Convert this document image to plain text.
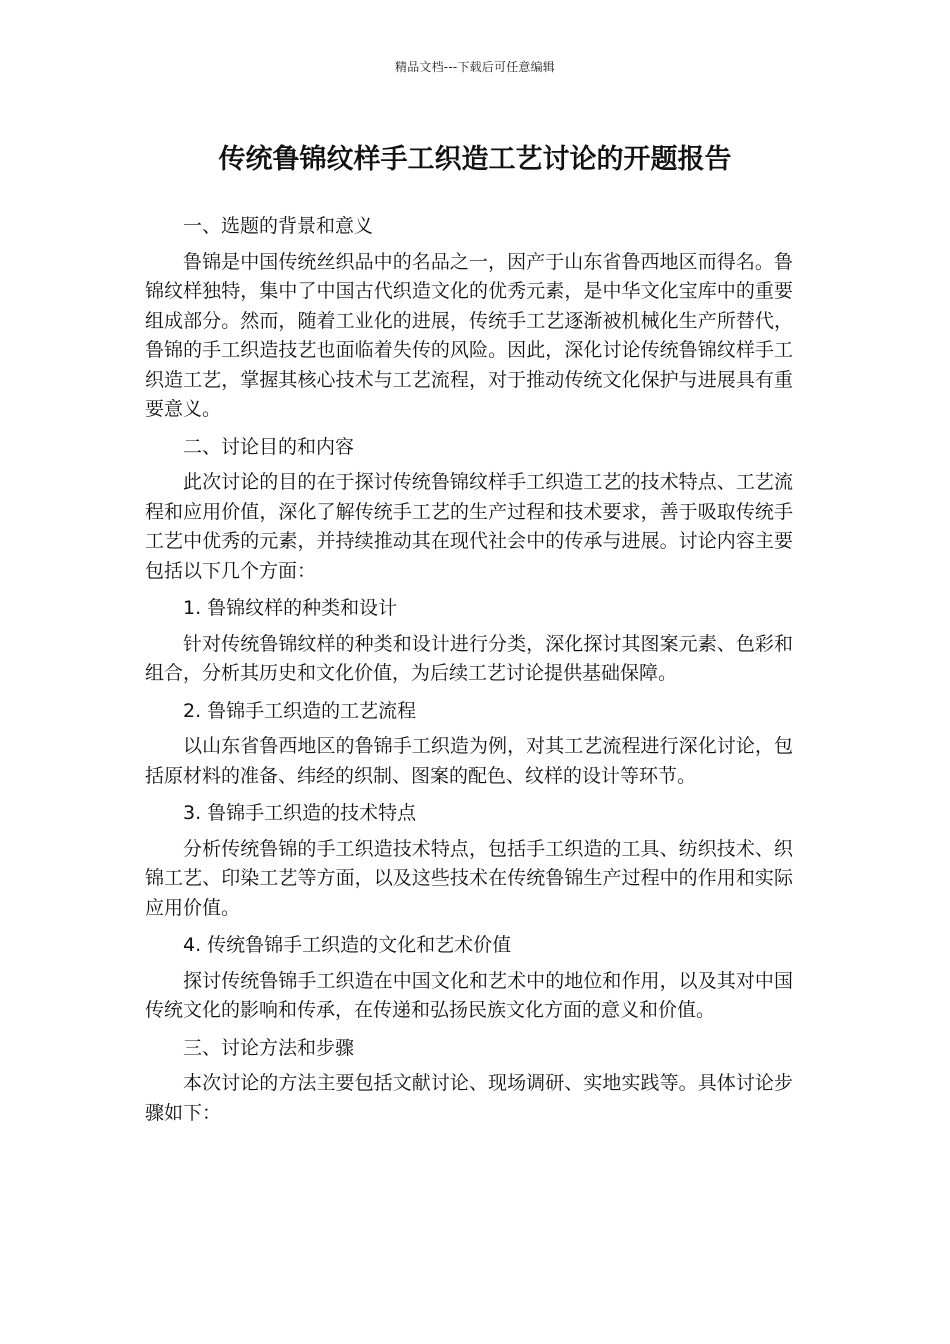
精品文档---下载后可任意编辑
传统鲁锦纹样手工织造工艺讨论的开题报告

一、选题的背景和意义

鲁锦是中国传统丝织品中的名品之一，因产于山东省鲁西地区而得名。鲁锦纹样独特，集中了中国古代织造文化的优秀元素，是中华文化宝库中的重要组成部分。然而，随着工业化的进展，传统手工艺逐渐被机械化生产所替代，鲁锦的手工织造技艺也面临着失传的风险。因此，深化讨论传统鲁锦纹样手工织造工艺，掌握其核心技术与工艺流程，对于推动传统文化保护与进展具有重要意义。

二、讨论目的和内容

此次讨论的目的在于探讨传统鲁锦纹样手工织造工艺的技术特点、工艺流程和应用价值，深化了解传统手工艺的生产过程和技术要求，善于吸取传统手工艺中优秀的元素，并持续推动其在现代社会中的传承与进展。讨论内容主要包括以下几个方面：

1. 鲁锦纹样的种类和设计

针对传统鲁锦纹样的种类和设计进行分类，深化探讨其图案元素、色彩和组合，分析其历史和文化价值，为后续工艺讨论提供基础保障。

2. 鲁锦手工织造的工艺流程

以山东省鲁西地区的鲁锦手工织造为例，对其工艺流程进行深化讨论，包括原材料的准备、纬经的织制、图案的配色、纹样的设计等环节。

3. 鲁锦手工织造的技术特点

分析传统鲁锦的手工织造技术特点，包括手工织造的工具、纺织技术、织锦工艺、印染工艺等方面，以及这些技术在传统鲁锦生产过程中的作用和实际应用价值。

4. 传统鲁锦手工织造的文化和艺术价值

探讨传统鲁锦手工织造在中国文化和艺术中的地位和作用，以及其对中国传统文化的影响和传承，在传递和弘扬民族文化方面的意义和价值。

三、讨论方法和步骤

本次讨论的方法主要包括文献讨论、现场调研、实地实践等。具体讨论步骤如下：
